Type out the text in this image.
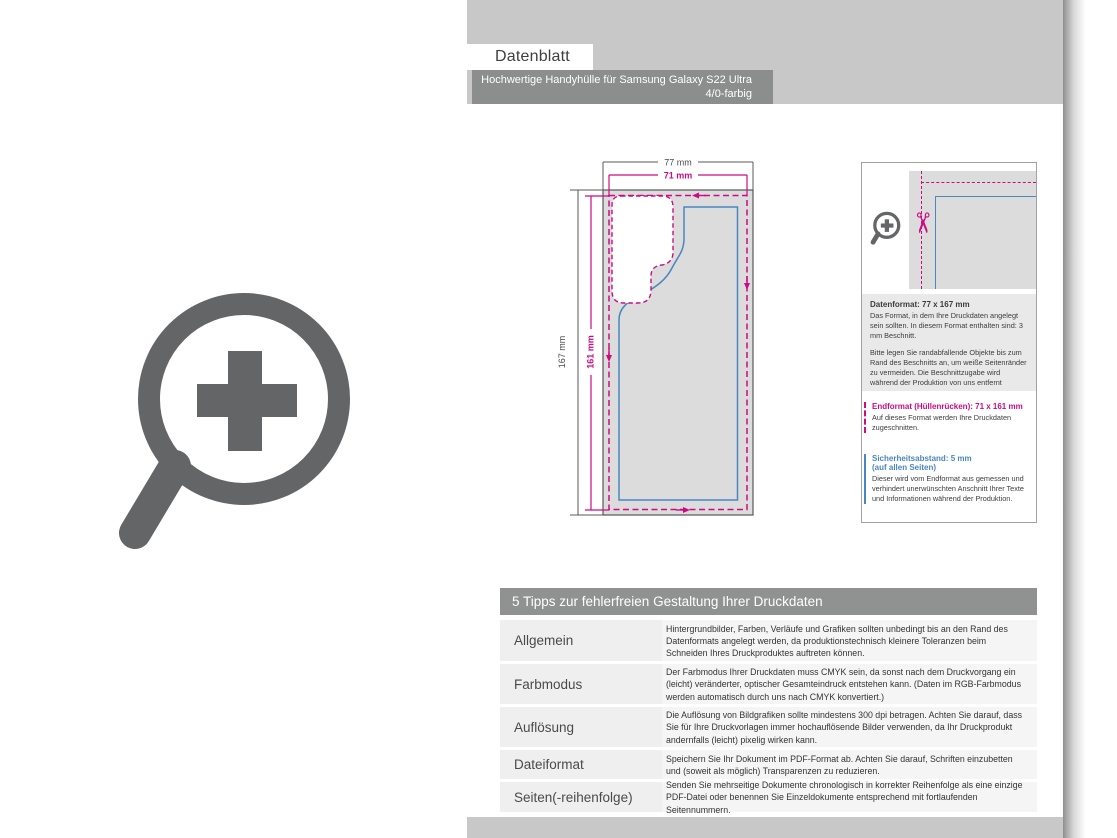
Datenblatt
Hochwertige Handyhülle für Samsung Galaxy S22 Ultra
4/0-farbig
77 mm
71 mm
167 mm 161 mm
✂
Datenformat: 77 x 167 mm
Das Format, in dem Ihre Druckdaten angelegt sein sollten. In diesem Format enthalten sind: 3 mm Beschnitt.
Bitte legen Sie randabfallende Objekte bis zum Rand des Beschnitts an, um weiße Seitenränder zu vermeiden. Die Beschnittzugabe wird während der Produktion von uns entfernt
Endformat (Hüllenrücken): 71 x 161 mm
Auf dieses Format werden Ihre Druckdaten zugeschnitten.
Sicherheitsabstand: 5 mm
(auf allen Seiten)
Dieser wird vom Endformat aus gemessen und verhindert unerwünschten Anschnitt Ihrer Texte und Informationen während der Produktion.
5 Tipps zur fehlerfreien Gestaltung Ihrer Druckdaten
Allgemein
Hintergrundbilder, Farben, Verläufe und Grafiken sollten unbedingt bis an den Rand des Datenformats angelegt werden, da produktionstechnisch kleinere Toleranzen beim Schneiden Ihres Druckproduktes auftreten können.
Farbmodus
Der Farbmodus Ihrer Druckdaten muss CMYK sein, da sonst nach dem Druckvorgang ein (leicht) veränderter, optischer Gesamteindruck entstehen kann. (Daten im RGB-Farbmodus werden automatisch durch uns nach CMYK konvertiert.)
Auflösung
Die Auflösung von Bildgrafiken sollte mindestens 300 dpi betragen. Achten Sie darauf, dass Sie für Ihre Druckvorlagen immer hochauflösende Bilder verwenden, da Ihr Druckprodukt andernfalls (leicht) pixelig wirken kann.
Dateiformat	Speichern Sie Ihr Dokument im PDF-Format ab. Achten Sie darauf, Schriften einzubetten und (soweit als möglich) Transparenzen zu reduzieren.
Seiten(-reihenfolge)
Senden Sie mehrseitige Dokumente chronologisch in korrekter Reihenfolge als eine einzige PDF-Datei oder benennen Sie Einzeldokumente entsprechend mit fortlaufenden Seitennummern.
